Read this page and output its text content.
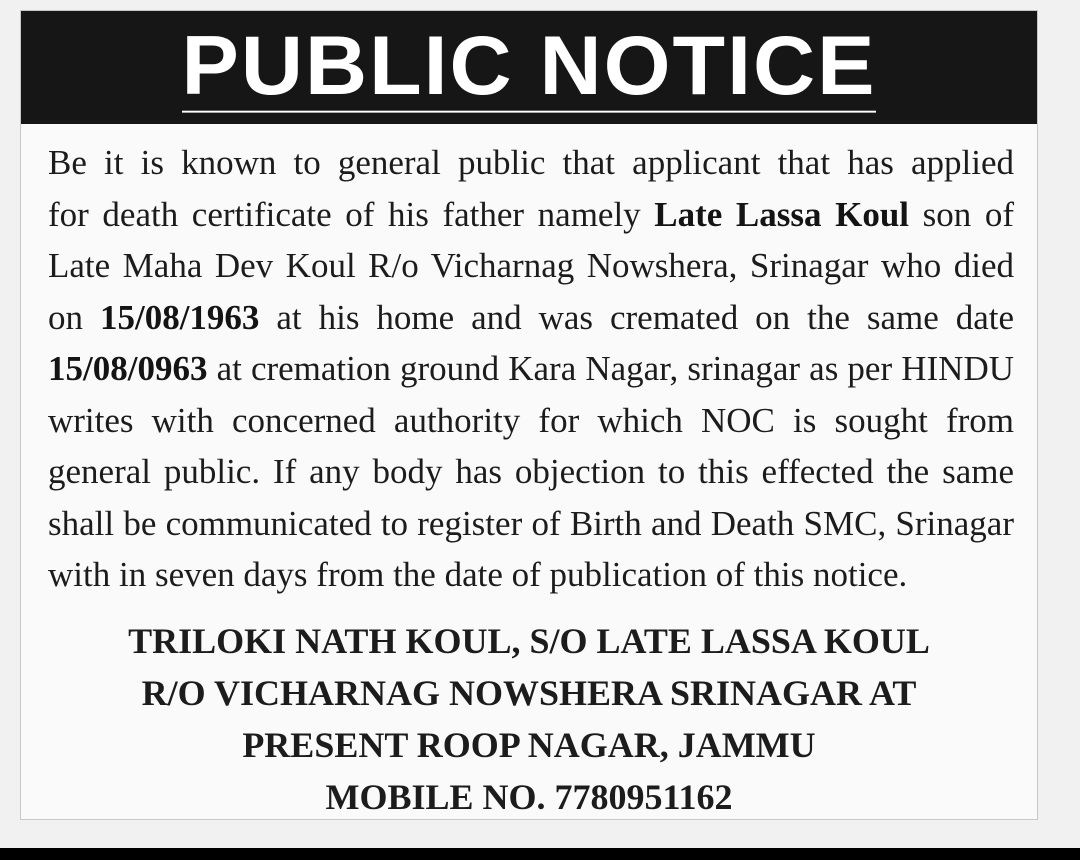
PUBLIC NOTICE
Be it is known to general public that applicant that has applied
for death certificate of his father namely Late Lassa Koul son of
Late Maha Dev Koul R/o Vicharnag Nowshera, Srinagar who died
on 15/08/1963 at his home and was cremated on the same date
15/08/0963 at cremation ground Kara Nagar, srinagar as per HINDU
writes with concerned authority for which NOC is sought from
general public. If any body has objection to this effected the same
shall be communicated to register of Birth and Death SMC, Srinagar
with in seven days from the date of publication of this notice.
TRILOKI NATH KOUL, S/O LATE LASSA KOUL
R/O VICHARNAG NOWSHERA SRINAGAR AT
PRESENT ROOP NAGAR, JAMMU
MOBILE NO. 7780951162
